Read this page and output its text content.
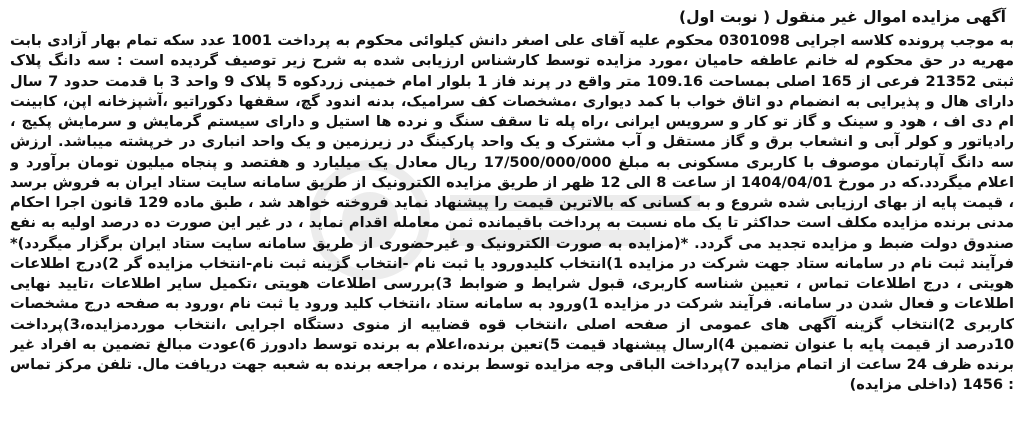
آگهی مزایده اموال غیر منقول ( نوبت اول)

به موجب پرونده کلاسه اجرایی 0301098 محکوم علیه آقای علی اصغر دانش کیلوائی محکوم به پرداخت 1001 عدد سکه تمام بهار آزادی بابت مهریه در حق محکوم له خانم عاطفه حامیان ،مورد مزایده توسط کارشناس ارزیابی شده به شرح زیر توصیف گردیده است : سه دانگ پلاک ثبتی 21352 فرعی از 165 اصلی بمساحت 109.16 متر واقع در پرند فاز 1 بلوار امام خمینی زردکوه 5 پلاک 9 واحد 3 با قدمت حدود 7 سال دارای هال و پذیرایی به انضمام دو اتاق خواب با کمد دیواری ،مشخصات کف سرامیک، بدنه اندود گچ، سقفها دکوراتیو ،آشپزخانه اپن، کابینت ام دی اف ، هود و سینک و گاز تو کار و سرویس ایرانی ،راه پله تا سقف سنگ و نرده ها استیل و دارای سیستم گرمایش و سرمایش پکیج ، رادیاتور و کولر آبی و انشعاب برق و گاز مستقل و آب مشترک و یک واحد پارکینگ در زیرزمین و یک واحد انباری در خرپشته میباشد. ارزش سه دانگ آپارتمان موصوف با کاربری مسکونی به مبلغ 17/500/000/000 ریال معادل یک میلیارد و هفتصد و پنجاه میلیون تومان برآورد و اعلام میگردد.که در مورخ 1404/04/01 از ساعت 8 الی 12 ظهر از طریق مزایده الکترونیک از طریق سامانه سایت ستاد ایران به فروش برسد ، قیمت پایه از بهای ارزیابی شده شروع و به کسانی که بالاترین قیمت را پیشنهاد نماید فروخته خواهد شد ، طبق ماده 129 قانون اجرا احکام مدنی برنده مزایده مکلف است حداکثر تا یک ماه نسبت به پرداخت باقیمانده ثمن معامله اقدام نماید ، در غیر این صورت ده درصد اولیه به نفع صندوق دولت ضبط و مزایده تجدید می گردد. *(مزایده به صورت الکترونیک و غیرحضوری از طریق سامانه سایت ستاد ایران برگزار میگردد)* فرآیند ثبت نام در سامانه ستاد جهت شرکت در مزایده 1)انتخاب کلیدورود یا ثبت نام -انتخاب گزینه ثبت نام-انتخاب مزایده گر 2)درج اطلاعات هویتی ، درج اطلاعات تماس ، تعیین شناسه کاربری، قبول شرایط و ضوابط 3)بررسی اطلاعات هویتی ،تکمیل سایر اطلاعات ،تایید نهایی اطلاعات و فعال شدن در سامانه. فرآیند شرکت در مزایده 1)ورود به سامانه ستاد ،انتخاب کلید ورود یا ثبت نام ،ورود به صفحه درج مشخصات کاربری 2)انتخاب گزینه آگهی های عمومی از صفحه اصلی ،انتخاب قوه قضاییه از منوی دستگاه اجرایی ،انتخاب موردمزایده،3)پرداخت 10درصد از قیمت پایه با عنوان تضمین 4)ارسال پیشنهاد قیمت 5)تعین برنده،اعلام به برنده توسط دادورز 6)عودت مبالغ تضمین به افراد غیر برنده ظرف 24 ساعت از اتمام مزایده 7)پرداخت الباقی وجه مزایده توسط برنده ، مراجعه برنده به شعبه جهت دریافت مال. تلفن مرکز تماس : 1456 (داخلی مزایده)
